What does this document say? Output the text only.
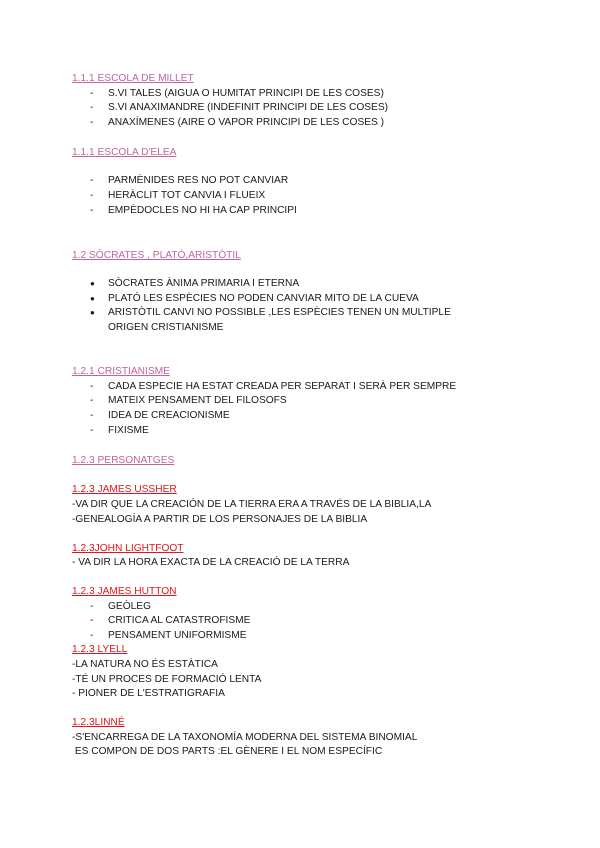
1.1.1 ESCOLA DE MILLET
- S.VI TALES (AIGUA O HUMITAT PRINCIPI DE LES COSES)
- S.VI ANAXIMANDRE (INDEFINIT PRINCIPI DE LES COSES)
- ANAXÍMENES (AIRE O VAPOR PRINCIPI DE LES COSES )
1.1.1 ESCOLA D'ELEA
- PARMÈNIDES RES NO POT CANVIAR
- HERÀCLIT TOT CANVIA I FLUEIX
- EMPÈDOCLES NO HI HA CAP PRINCIPI
1.2 SÒCRATES , PLATÓ,ARISTÒTIL
● SÒCRATES ÀNIMA PRIMARIA I ETERNA
● PLATÓ LES ESPÈCIES NO PODEN CANVIAR MITO DE LA CUEVA
● ARISTÒTIL CANVI NO POSSIBLE ,LES ESPÈCIES TENEN UN MULTIPLE
ORIGEN CRISTIANISME
1.2.1 CRISTIANISME
- CADA ESPECIE HA ESTAT CREADA PER SEPARAT I SERÀ PER SEMPRE
- MATEIX PENSAMENT DEL FILOSOFS
- IDEA DE CREACIONISME
- FIXISME
1.2.3 PERSONATGES
1.2.3 JAMES USSHER
-VA DIR QUE LA CREACIÓN DE LA TIERRA ERA A TRAVÉS DE LA BIBLIA,LA
-GENEALOGÍA A PARTIR DE LOS PERSONAJES DE LA BIBLIA
1.2.3JOHN LIGHTFOOT
- VA DIR LA HORA EXACTA DE LA CREACIÓ DE LA TERRA
1.2.3 JAMES HUTTON
- GEÒLEG
- CRITICA AL CATASTROFISME
- PENSAMENT UNIFORMISME
1.2.3 LYELL
-LA NATURA NO ÉS ESTÀTICA
-TÉ UN PROCES DE FORMACIÓ LENTA
- PIONER DE L'ESTRATIGRAFIA
1.2.3LINNÉ
-S'ENCARREGA DE LA TAXONOMÍA MODERNA DEL SISTEMA BINOMIAL
ES COMPON DE DOS PARTS :EL GÈNERE I EL NOM ESPECÍFIC
